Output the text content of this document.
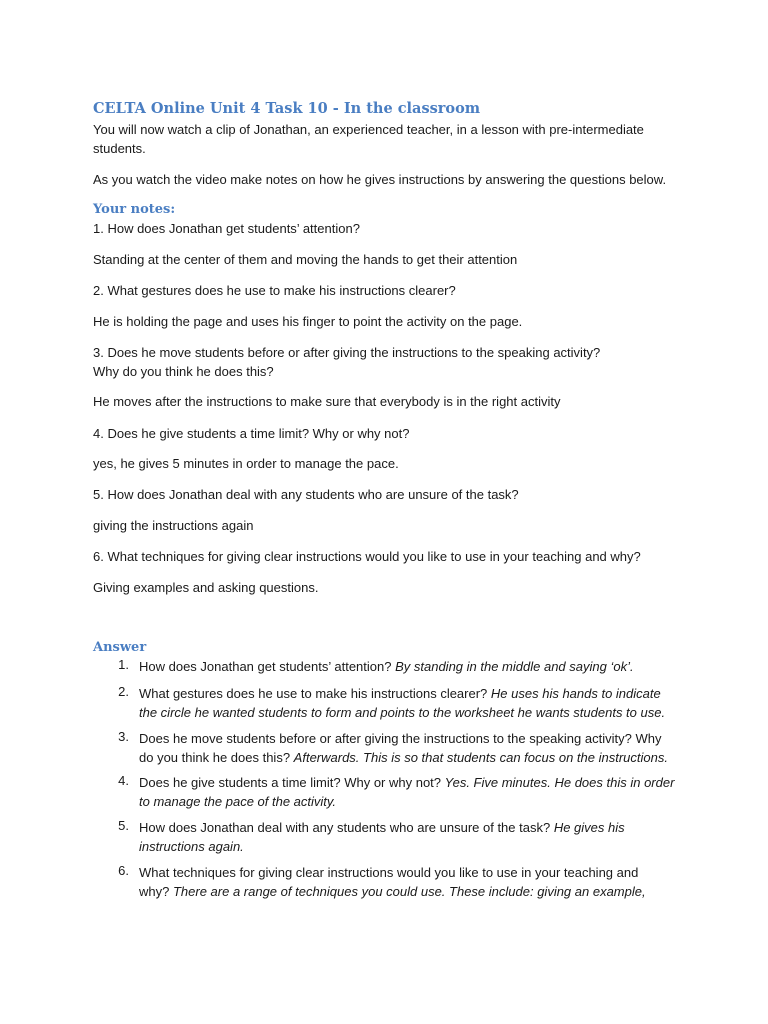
CELTA Online Unit 4 Task 10 - In the classroom
You will now watch a clip of Jonathan, an experienced teacher, in a lesson with pre-intermediate
students.
As you watch the video make notes on how he gives instructions by answering the questions below.
Your notes:
1. How does Jonathan get students’ attention?
Standing at the center of them and moving the hands to get their attention
2. What gestures does he use to make his instructions clearer?
He is holding the page and uses his finger to point the activity on the page.
3. Does he move students before or after giving the instructions to the speaking activity?
Why do you think he does this?
He moves after the instructions to make sure that everybody is in the right activity
4. Does he give students a time limit? Why or why not?
yes, he gives 5 minutes in order to manage the pace.
5. How does Jonathan deal with any students who are unsure of the task?
giving the instructions again
6. What techniques for giving clear instructions would you like to use in your teaching and why?
Giving examples and asking questions.
Answer
1. How does Jonathan get students’ attention? By standing in the middle and saying ‘ok’.
2. What gestures does he use to make his instructions clearer? He uses his hands to indicate
the circle he wanted students to form and points to the worksheet he wants students to use.
3. Does he move students before or after giving the instructions to the speaking activity? Why
do you think he does this? Afterwards. This is so that students can focus on the instructions.
4. Does he give students a time limit? Why or why not? Yes. Five minutes. He does this in order
to manage the pace of the activity.
5. How does Jonathan deal with any students who are unsure of the task? He gives his
instructions again.
6. What techniques for giving clear instructions would you like to use in your teaching and
why? There are a range of techniques you could use. These include: giving an example,
